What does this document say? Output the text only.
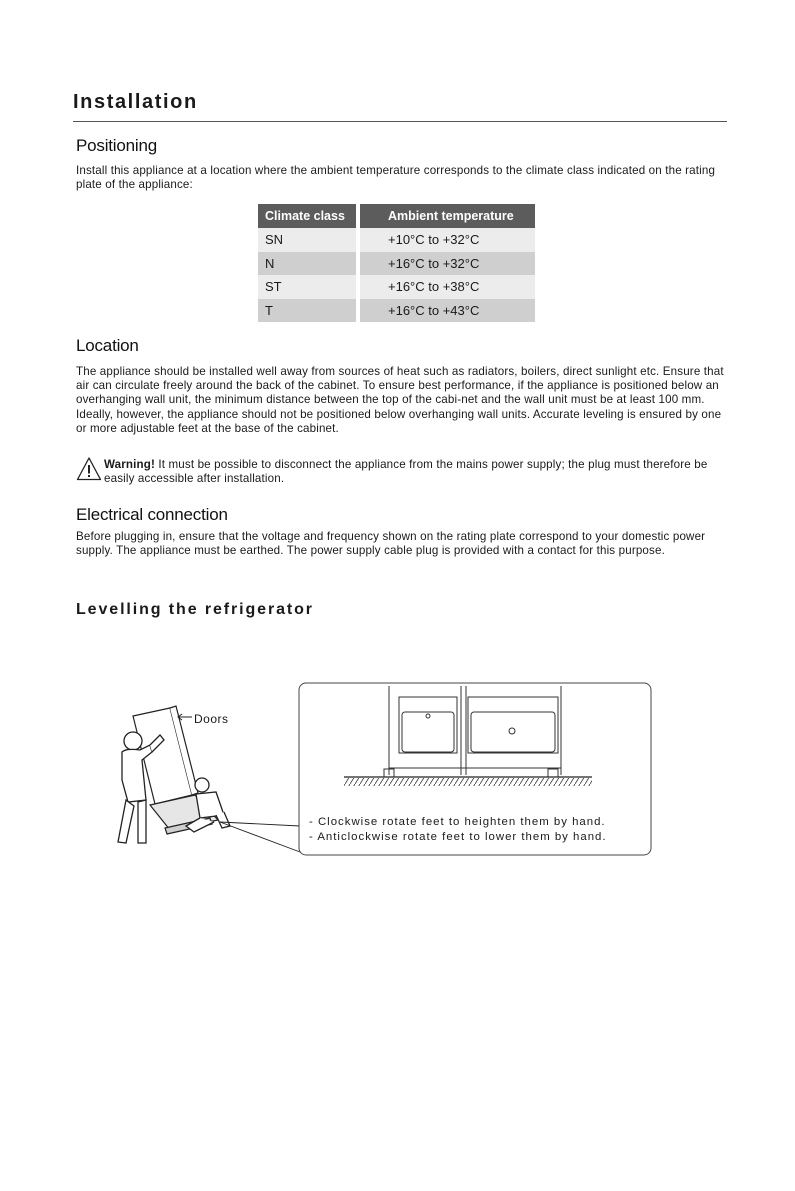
Installation
Positioning
Install this appliance at a location where the ambient temperature corresponds to the climate class indicated on the rating plate of the appliance:
Climate class	Ambient temperature
SN	+10°C to +32°C
N	+16°C to +32°C
ST	+16°C to +38°C
T	+16°C to +43°C
Location
The appliance should be installed well away from sources of heat such as radiators, boilers, direct sunlight etc. Ensure that air can circulate freely around the back of the cabinet. To ensure best performance, if the appliance is positioned below an overhanging wall unit, the minimum distance between the top of the cabi-net and the wall unit must be at least 100 mm. Ideally, however, the appliance should not be positioned below overhanging wall units. Accurate leveling is ensured by one or more adjustable feet at the base of the cabinet.
Warning! It must be possible to disconnect the appliance from the mains power supply; the plug must therefore be easily accessible after installation.
Electrical connection
Before plugging in, ensure that the voltage and frequency shown on the rating plate correspond to your domestic power supply. The appliance must be earthed. The power supply cable plug is provided with a contact for this purpose.
Levelling the refrigerator
Doors
- Clockwise rotate feet to heighten them by hand.
- Anticlockwise rotate feet to lower them by hand.
